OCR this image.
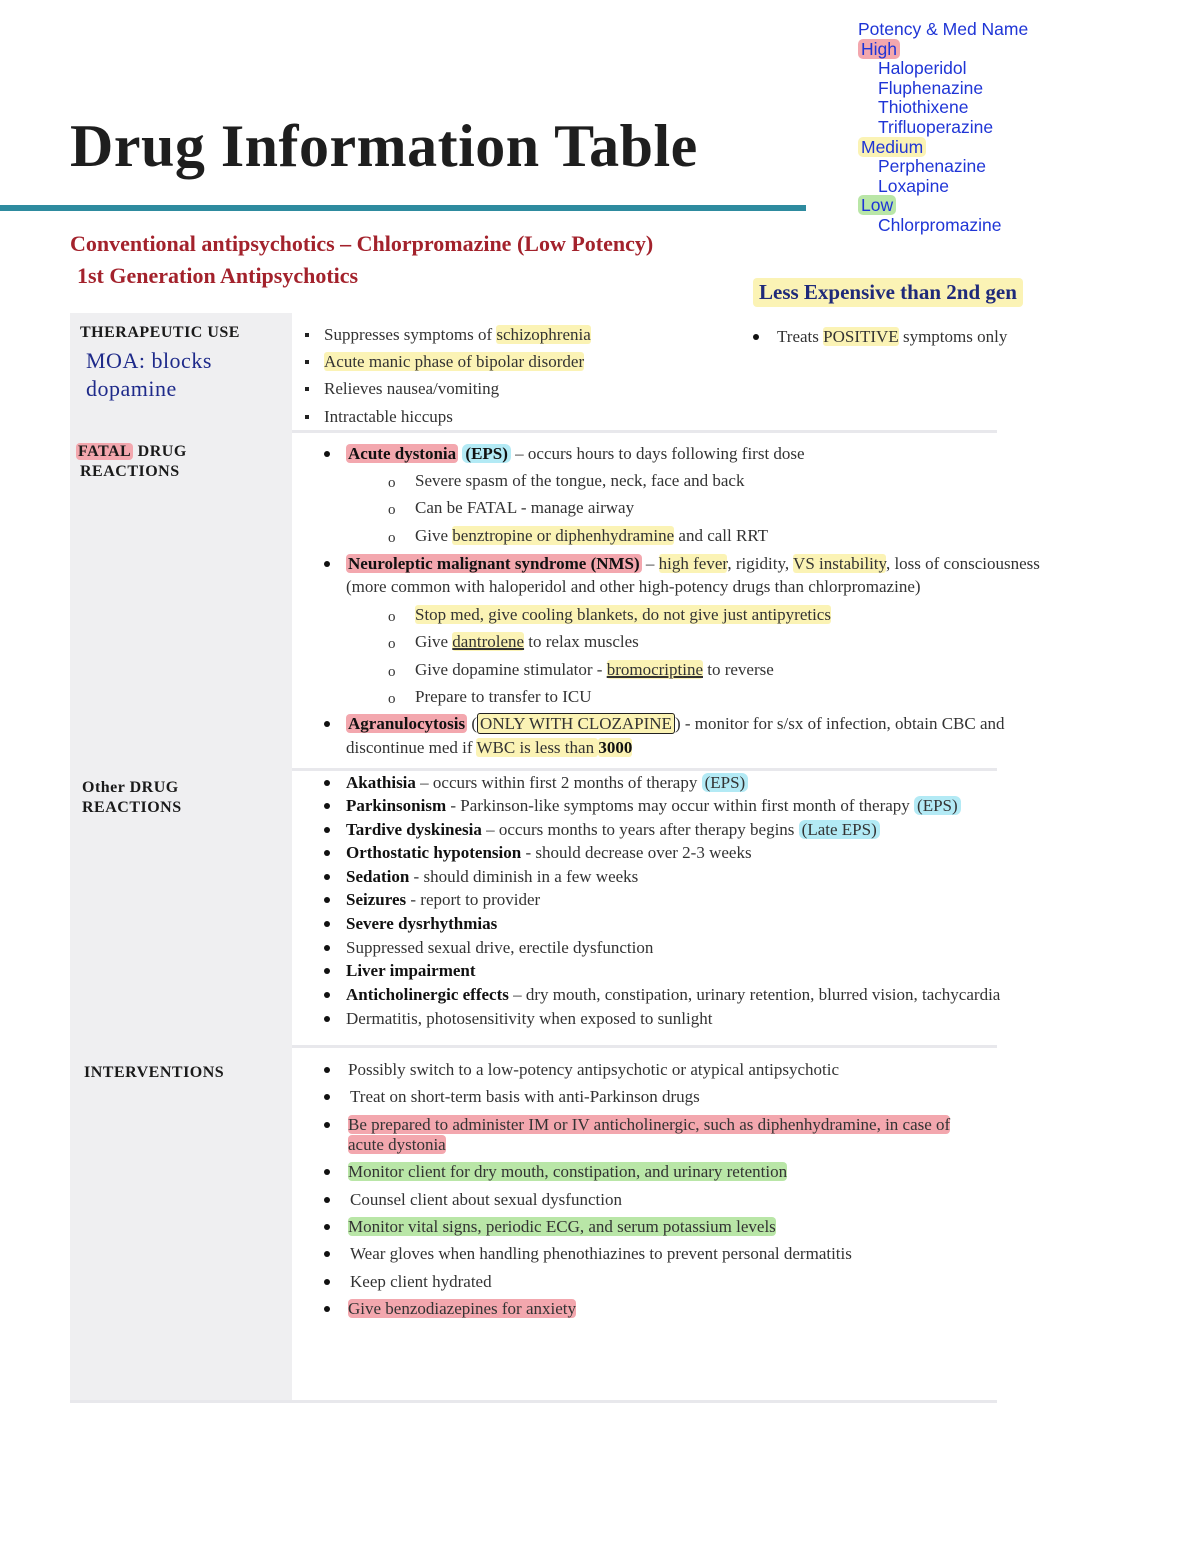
Drug Information Table
Conventional antipsychotics – Chlorpromazine (Low Potency)
1st Generation Antipsychotics
Less Expensive than 2nd gen
Potency & Med Name
High
Haloperidol
Fluphenazine
Thiothixene
Trifluoperazine
Medium
Perphenazine
Loxapine
Low
Chlorpromazine
THERAPEUTIC USE
MOA: blocks
dopamine
FATAL DRUG
REACTIONS
Other DRUG
REACTIONS
INTERVENTIONS
Suppresses symptoms of schizophrenia
Acute manic phase of bipolar disorder
Relieves nausea/vomiting
Intractable hiccups
Treats POSITIVE symptoms only
Acute dystonia (EPS) – occurs hours to days following first dose
o Severe spasm of the tongue, neck, face and back
o Can be FATAL - manage airway
o Give benztropine or diphenhydramine and call RRT
Neuroleptic malignant syndrome (NMS) – high fever, rigidity, VS instability, loss of consciousness
(more common with haloperidol and other high-potency drugs than chlorpromazine)
o Stop med, give cooling blankets, do not give just antipyretics
o Give dantrolene to relax muscles
o Give dopamine stimulator - bromocriptine to reverse
o Prepare to transfer to ICU
Agranulocytosis ( ONLY WITH CLOZAPINE ) - monitor for s/sx of infection, obtain CBC and
discontinue med if WBC is less than 3000
Akathisia – occurs within first 2 months of therapy (EPS)
Parkinsonism - Parkinson-like symptoms may occur within first month of therapy (EPS)
Tardive dyskinesia – occurs months to years after therapy begins (Late EPS)
Orthostatic hypotension - should decrease over 2-3 weeks
Sedation - should diminish in a few weeks
Seizures - report to provider
Severe dysrhythmias
Suppressed sexual drive, erectile dysfunction
Liver impairment
Anticholinergic effects – dry mouth, constipation, urinary retention, blurred vision, tachycardia
Dermatitis, photosensitivity when exposed to sunlight
Possibly switch to a low-potency antipsychotic or atypical antipsychotic
Treat on short-term basis with anti-Parkinson drugs
Be prepared to administer IM or IV anticholinergic, such as diphenhydramine, in case of
acute dystonia
Monitor client for dry mouth, constipation, and urinary retention
Counsel client about sexual dysfunction
Monitor vital signs, periodic ECG, and serum potassium levels
Wear gloves when handling phenothiazines to prevent personal dermatitis
Keep client hydrated
Give benzodiazepines for anxiety
